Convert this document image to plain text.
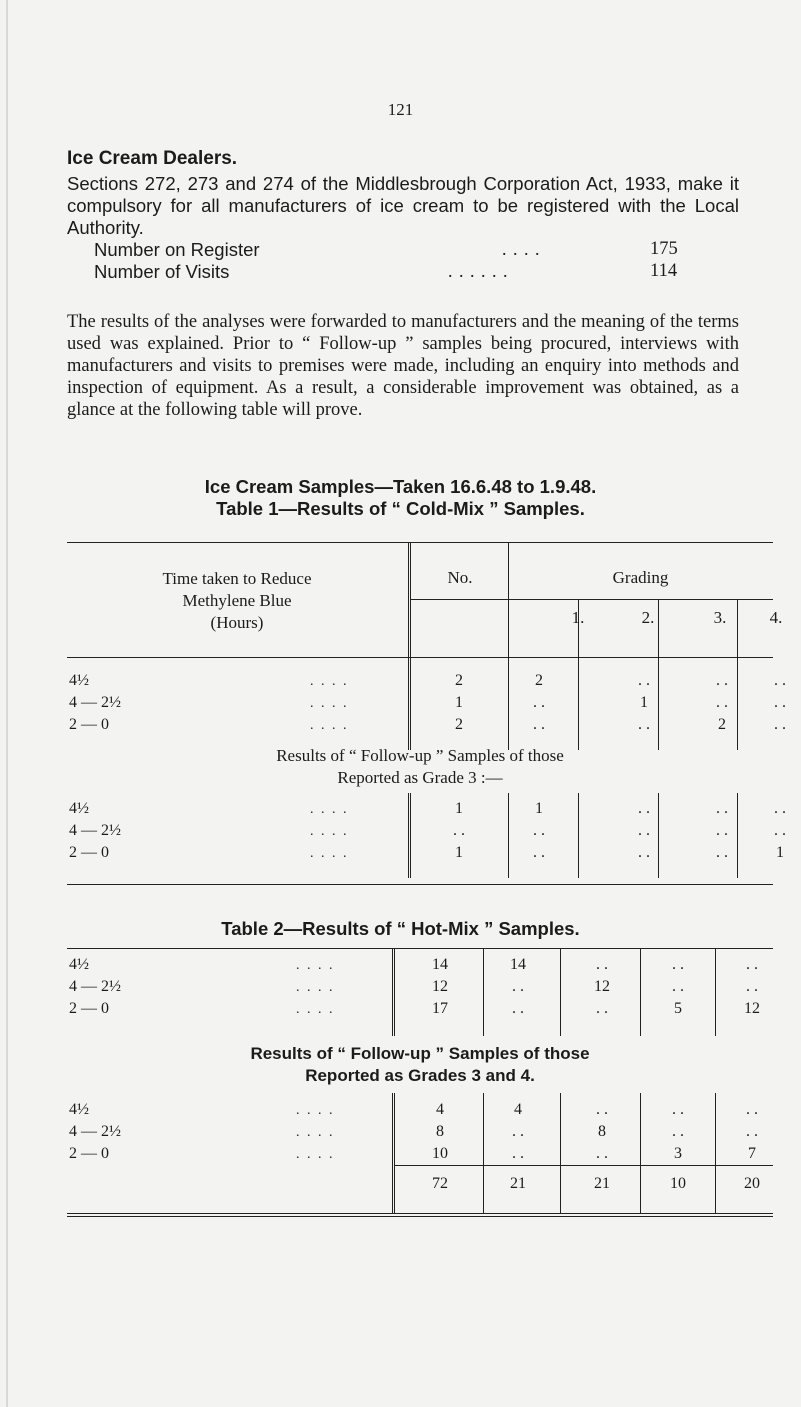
121
Ice Cream Dealers.
Sections 272, 273 and 274 of the Middlesbrough Corporation Act, 1933, make it compulsory for all manufacturers of ice cream to be registered with the Local Authority.
Number on Register	. . . .	175
Number of Visits	. . . . . .	114
The results of the analyses were forwarded to manufacturers and the meaning of the terms used was explained. Prior to “ Follow-up ” samples being procured, interviews with manufacturers and visits to premises were made, including an enquiry into methods and inspection of equipment. As a result, a considerable improvement was obtained, as a glance at the following table will prove.
Ice Cream Samples—Taken 16.6.48 to 1.9.48.
Table 1—Results of “ Cold-Mix ” Samples.
Time taken to Reduce
Methylene Blue
(Hours)
No.	Grading
1.	2.	3.	4.
Results of “ Follow-up ” Samples of those
Reported as Grade 3 :—
Table 2—Results of “ Hot-Mix ” Samples.
Results of “ Follow-up ” Samples of those
Reported as Grades 3 and 4.
4½	. . . .	2	2	. .	. .	. .
4 — 2½	. . . .	1	. .	1	. .	. .
2 — 0	. . . .	2	. .	. .	2	. .
4½	. . . .	1	1	. .	. .	. .
4 — 2½	. . . .	. .	. .	. .	. .	. .
2 — 0	. . . .	1	. .	. .	. .	1
4½	. . . .	14	14	. .	. .	. .
4 — 2½	. . . .	12	. .	12	. .	. .
2 — 0	. . . .	17	. .	. .	5	12
4½	. . . .	4	4	. .	. .	. .
4 — 2½	. . . .	8	. .	8	. .	. .
2 — 0	. . . .	10	. .	. .	3	7
72	21	21	10	20
